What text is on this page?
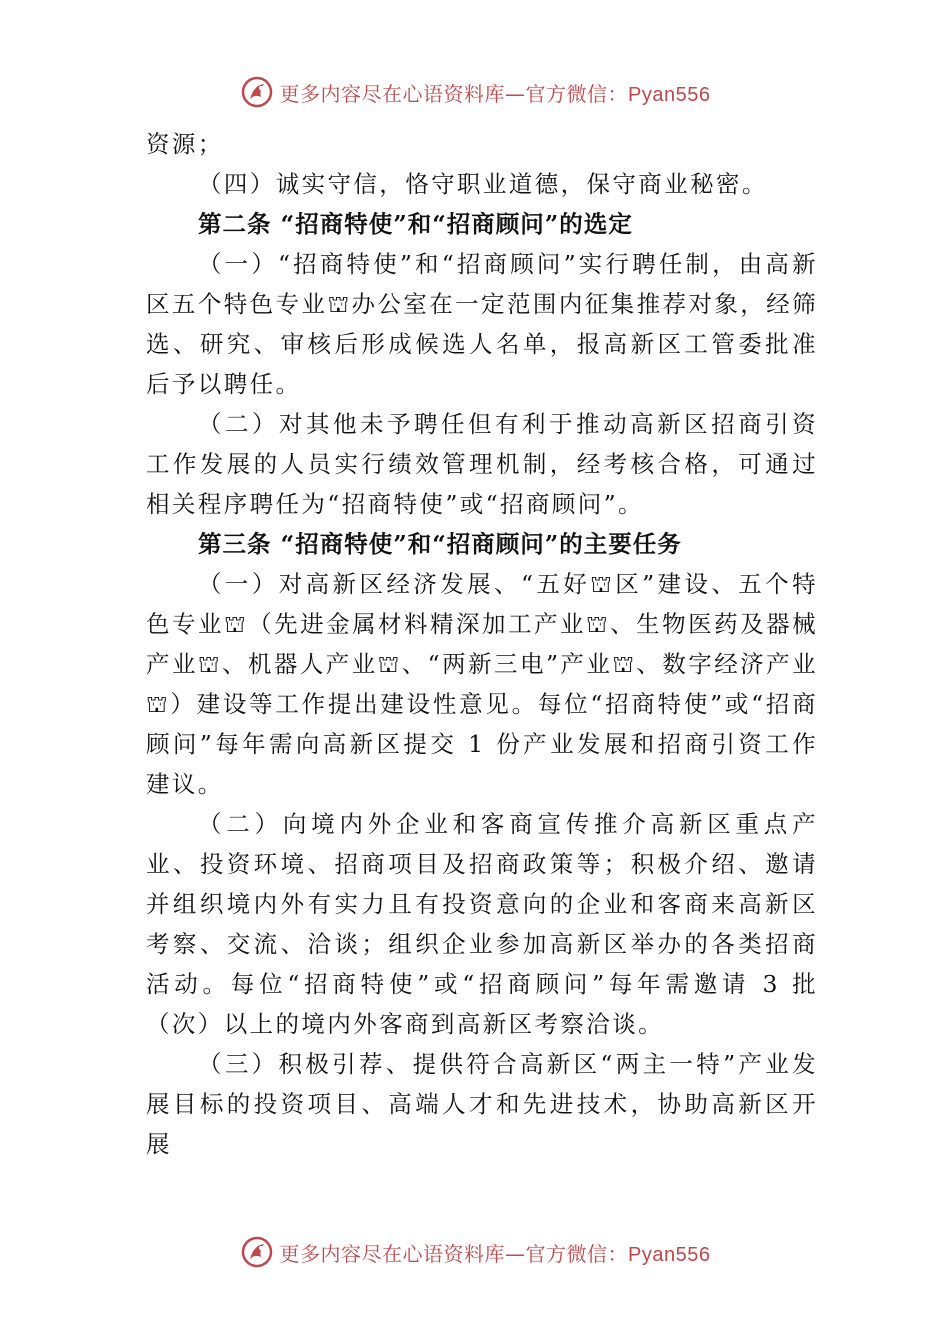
更多内容尽在心语资料库—官方微信：Pyan556

资源；

（四）诚实守信，恪守职业道德，保守商业秘密。

第二条 “招商特使”和“招商顾问”的选定

（一）“招商特使”和“招商顾问”实行聘任制，由高新区五个特色专业⛫办公室在一定范围内征集推荐对象，经筛选、研究、审核后形成候选人名单，报高新区工管委批准后予以聘任。

（二）对其他未予聘任但有利于推动高新区招商引资工作发展的人员实行绩效管理机制，经考核合格，可通过相关程序聘任为“招商特使”或“招商顾问”。

第三条 “招商特使”和“招商顾问”的主要任务

（一）对高新区经济发展、“五好⛫区”建设、五个特色专业⛫（先进金属材料精深加工产业⛫、生物医药及器械产业⛫、机器人产业⛫、“两新三电”产业⛫、数字经济产业⛫）建设等工作提出建设性意见。每位“招商特使”或“招商顾问”每年需向高新区提交 1 份产业发展和招商引资工作建议。

（二）向境内外企业和客商宣传推介高新区重点产业、投资环境、招商项目及招商政策等；积极介绍、邀请并组织境内外有实力且有投资意向的企业和客商来高新区考察、交流、洽谈；组织企业参加高新区举办的各类招商活动。每位“招商特使”或“招商顾问”每年需邀请 3 批（次）以上的境内外客商到高新区考察洽谈。

（三）积极引荐、提供符合高新区“两主一特”产业发展目标的投资项目、高端人才和先进技术，协助高新区开展

更多内容尽在心语资料库—官方微信：Pyan556
